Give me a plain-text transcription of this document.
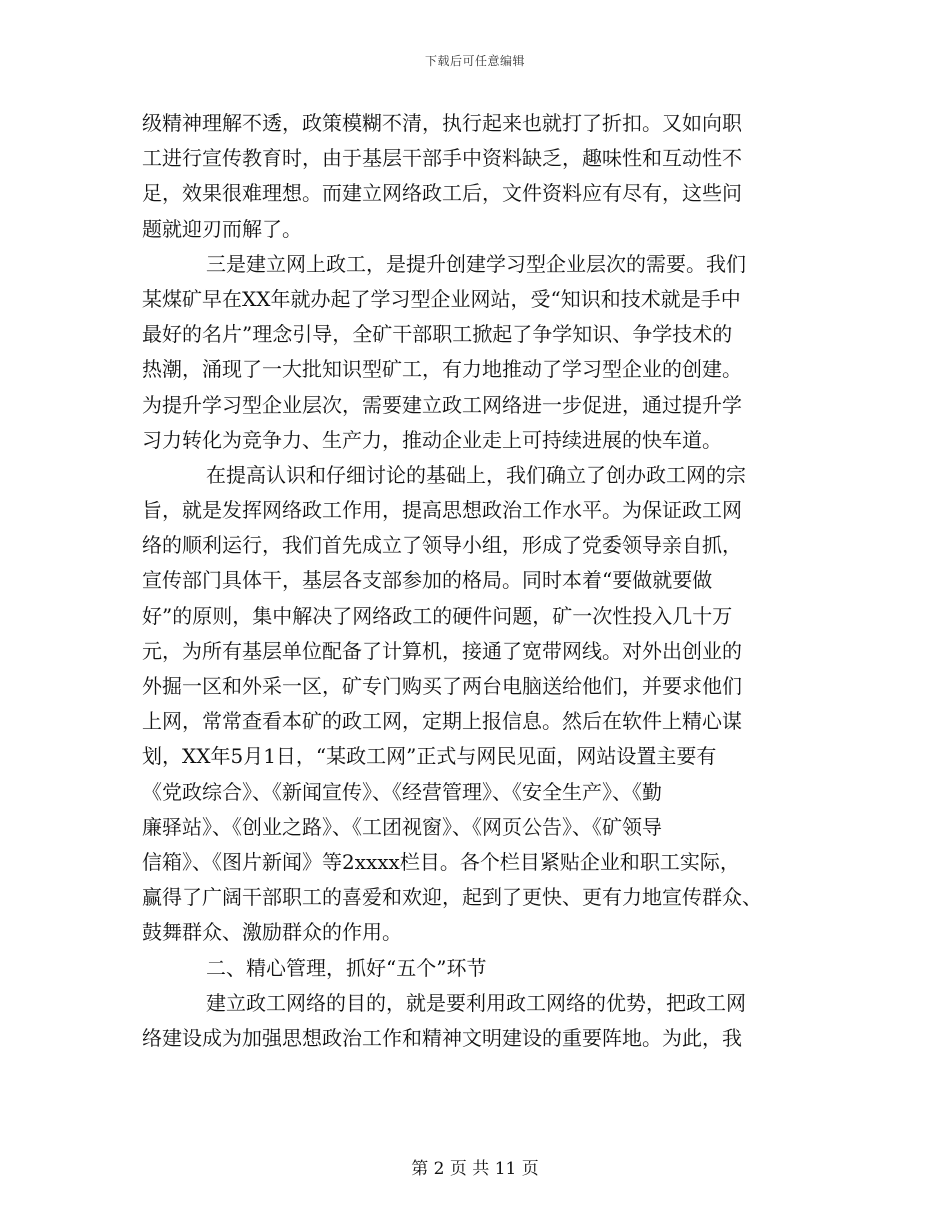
下载后可任意编辑
级精神理解不透，政策模糊不清，执行起来也就打了折扣。又如向职
工进行宣传教育时，由于基层干部手中资料缺乏，趣味性和互动性不
足，效果很难理想。而建立网络政工后，文件资料应有尽有，这些问
题就迎刃而解了。
三是建立网上政工，是提升创建学习型企业层次的需要。我们
某煤矿早在XX年就办起了学习型企业网站，受“知识和技术就是手中
最好的名片”理念引导，全矿干部职工掀起了争学知识、争学技术的
热潮，涌现了一大批知识型矿工，有力地推动了学习型企业的创建。
为提升学习型企业层次，需要建立政工网络进一步促进，通过提升学
习力转化为竞争力、生产力，推动企业走上可持续进展的快车道。
在提高认识和仔细讨论的基础上，我们确立了创办政工网的宗
旨，就是发挥网络政工作用，提高思想政治工作水平。为保证政工网
络的顺利运行，我们首先成立了领导小组，形成了党委领导亲自抓，
宣传部门具体干，基层各支部参加的格局。同时本着“要做就要做
好”的原则，集中解决了网络政工的硬件问题，矿一次性投入几十万
元，为所有基层单位配备了计算机，接通了宽带网线。对外出创业的
外掘一区和外采一区，矿专门购买了两台电脑送给他们，并要求他们
上网，常常查看本矿的政工网，定期上报信息。然后在软件上精心谋
划，XX年5月1日，“某政工网”正式与网民见面，网站设置主要有
《党政综合》、《新闻宣传》、《经营管理》、《安全生产》、《勤
廉驿站》、《创业之路》、《工团视窗》、《网页公告》、《矿领导
信箱》、《图片新闻》等2xxxx栏目。各个栏目紧贴企业和职工实际，
赢得了广阔干部职工的喜爱和欢迎，起到了更快、更有力地宣传群众、
鼓舞群众、激励群众的作用。
二、精心管理，抓好“五个”环节
建立政工网络的目的，就是要利用政工网络的优势，把政工网
络建设成为加强思想政治工作和精神文明建设的重要阵地。为此，我
第 2 页 共 11 页
